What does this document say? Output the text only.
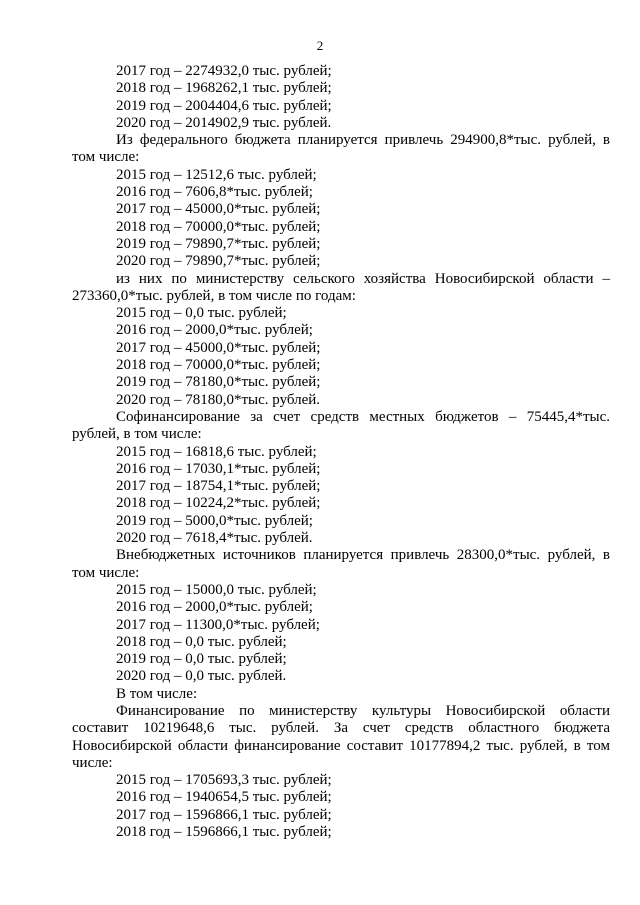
2
2017 год – 2274932,0 тыс. рублей;
2018 год – 1968262,1 тыс. рублей;
2019 год – 2004404,6 тыс. рублей;
2020 год – 2014902,9 тыс. рублей.
Из федерального бюджета планируется привлечь 294900,8*тыс. рублей, в том числе:
2015 год – 12512,6 тыс. рублей;
2016 год – 7606,8*тыс. рублей;
2017 год – 45000,0*тыс. рублей;
2018 год – 70000,0*тыс. рублей;
2019 год – 79890,7*тыс. рублей;
2020 год – 79890,7*тыс. рублей;
из них по министерству сельского хозяйства Новосибирской области – 273360,0*тыс. рублей, в том числе по годам:
2015 год – 0,0 тыс. рублей;
2016 год – 2000,0*тыс. рублей;
2017 год – 45000,0*тыс. рублей;
2018 год – 70000,0*тыс. рублей;
2019 год – 78180,0*тыс. рублей;
2020 год – 78180,0*тыс. рублей.
Софинансирование за счет средств местных бюджетов – 75445,4*тыс. рублей, в том числе:
2015 год – 16818,6 тыс. рублей;
2016 год – 17030,1*тыс. рублей;
2017 год – 18754,1*тыс. рублей;
2018 год – 10224,2*тыс. рублей;
2019 год – 5000,0*тыс. рублей;
2020 год – 7618,4*тыс. рублей.
Внебюджетных источников планируется привлечь 28300,0*тыс. рублей, в том числе:
2015 год – 15000,0 тыс. рублей;
2016 год – 2000,0*тыс. рублей;
2017 год – 11300,0*тыс. рублей;
2018 год – 0,0 тыс. рублей;
2019 год – 0,0 тыс. рублей;
2020 год – 0,0 тыс. рублей.
В том числе:
Финансирование по министерству культуры Новосибирской области составит 10219648,6 тыс. рублей. За счет средств областного бюджета Новосибирской области финансирование составит 10177894,2 тыс. рублей, в том числе:
2015 год – 1705693,3 тыс. рублей;
2016 год – 1940654,5 тыс. рублей;
2017 год – 1596866,1 тыс. рублей;
2018 год – 1596866,1 тыс. рублей;
